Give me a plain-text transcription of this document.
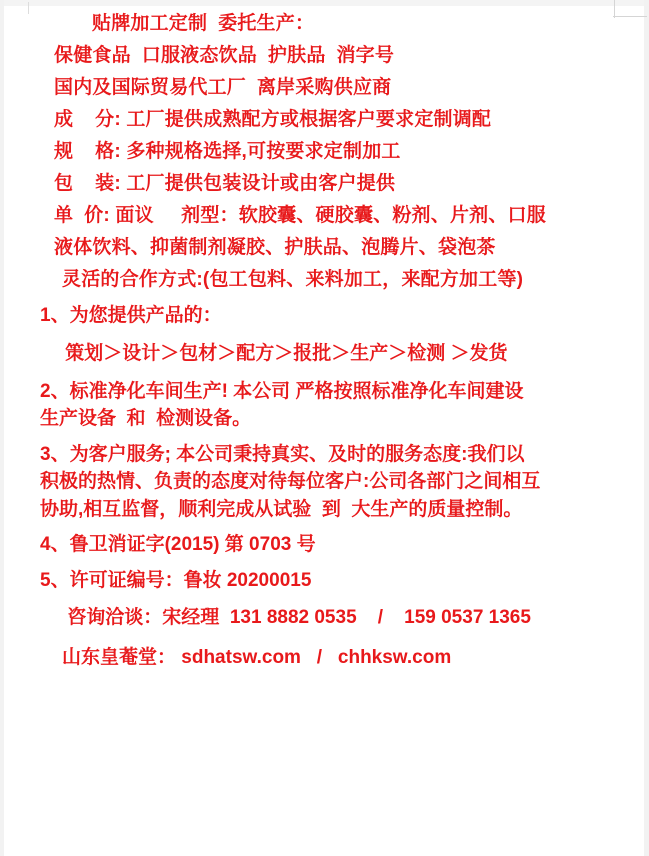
贴牌加工定制  委托生产：
保健食品  口服液态饮品  护肤品  消字号
国内及国际贸易代工厂  离岸采购供应商
成    分: 工厂提供成熟配方或根据客户要求定制调配
规    格: 多种规格选择,可按要求定制加工
包    装: 工厂提供包装设计或由客户提供
单  价: 面议     剂型：软胶囊、硬胶囊、粉剂、片剂、口服
液体饮料、抑菌制剂凝胶、护肤品、泡腾片、袋泡茶
灵活的合作方式:(包工包料、来料加工，来配方加工等)
1、为您提供产品的：
策划＞设计＞包材＞配方＞报批＞生产＞检测 ＞发货
2、标准净化车间生产! 本公司 严格按照标准净化车间建设
生产设备  和  检测设备。
3、为客户服务; 本公司秉持真实、及时的服务态度:我们以
积极的热情、负责的态度对待每位客户:公司各部门之间相互
协助,相互监督，顺利完成从试验  到  大生产的质量控制。
4、鲁卫消证字(2015) 第 0703 号
5、许可证编号：鲁妆 20200015
咨询洽谈：宋经理  131 8882 0535    /    159 0537 1365
山东皇菴堂： sdhatsw.com   /   chhksw.com
